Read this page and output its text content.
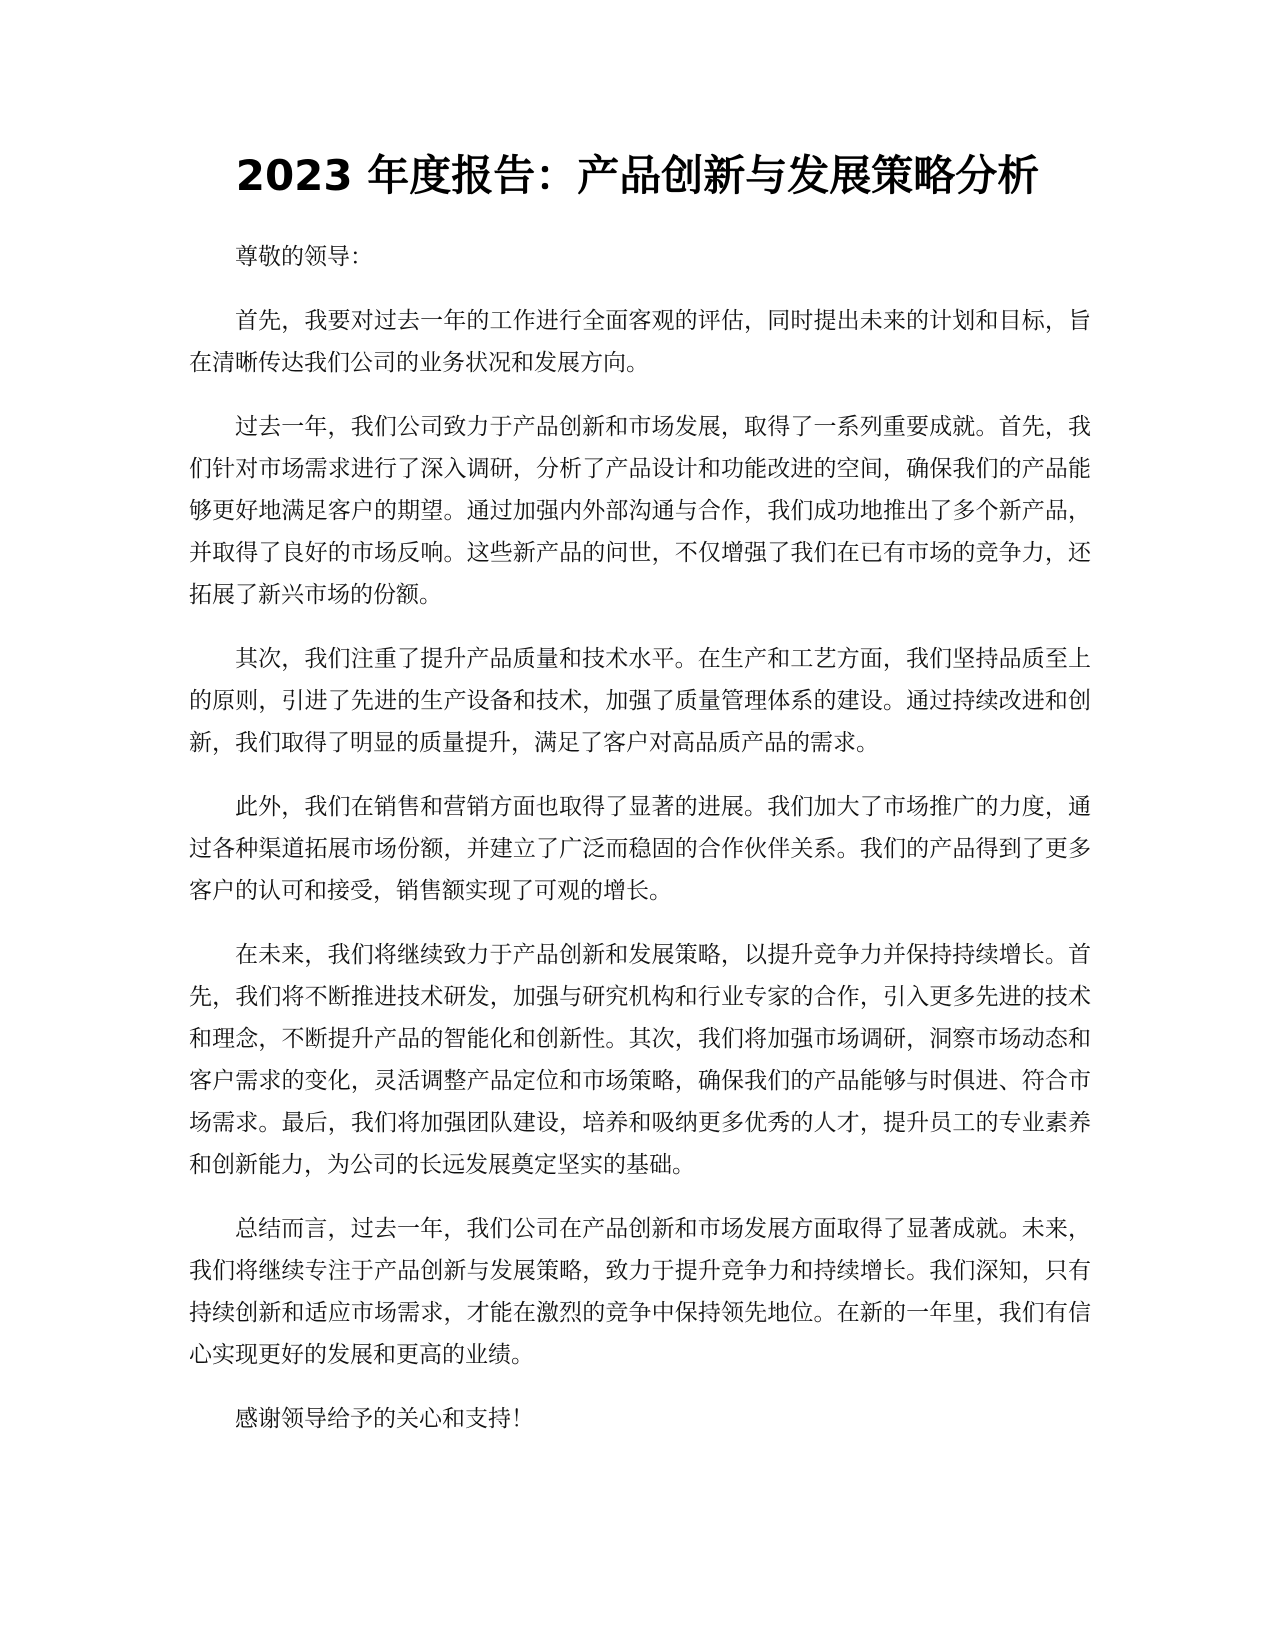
2023 年度报告：产品创新与发展策略分析

尊敬的领导：

首先，我要对过去一年的工作进行全面客观的评估，同时提出未来的计划和目标，旨在清晰传达我们公司的业务状况和发展方向。

过去一年，我们公司致力于产品创新和市场发展，取得了一系列重要成就。首先，我们针对市场需求进行了深入调研，分析了产品设计和功能改进的空间，确保我们的产品能够更好地满足客户的期望。通过加强内外部沟通与合作，我们成功地推出了多个新产品，并取得了良好的市场反响。这些新产品的问世，不仅增强了我们在已有市场的竞争力，还拓展了新兴市场的份额。

其次，我们注重了提升产品质量和技术水平。在生产和工艺方面，我们坚持品质至上的原则，引进了先进的生产设备和技术，加强了质量管理体系的建设。通过持续改进和创新，我们取得了明显的质量提升，满足了客户对高品质产品的需求。

此外，我们在销售和营销方面也取得了显著的进展。我们加大了市场推广的力度，通过各种渠道拓展市场份额，并建立了广泛而稳固的合作伙伴关系。我们的产品得到了更多客户的认可和接受，销售额实现了可观的增长。

在未来，我们将继续致力于产品创新和发展策略，以提升竞争力并保持持续增长。首先，我们将不断推进技术研发，加强与研究机构和行业专家的合作，引入更多先进的技术和理念，不断提升产品的智能化和创新性。其次，我们将加强市场调研，洞察市场动态和客户需求的变化，灵活调整产品定位和市场策略，确保我们的产品能够与时俱进、符合市场需求。最后，我们将加强团队建设，培养和吸纳更多优秀的人才，提升员工的专业素养和创新能力，为公司的长远发展奠定坚实的基础。

总结而言，过去一年，我们公司在产品创新和市场发展方面取得了显著成就。未来，我们将继续专注于产品创新与发展策略，致力于提升竞争力和持续增长。我们深知，只有持续创新和适应市场需求，才能在激烈的竞争中保持领先地位。在新的一年里，我们有信心实现更好的发展和更高的业绩。

感谢领导给予的关心和支持！
